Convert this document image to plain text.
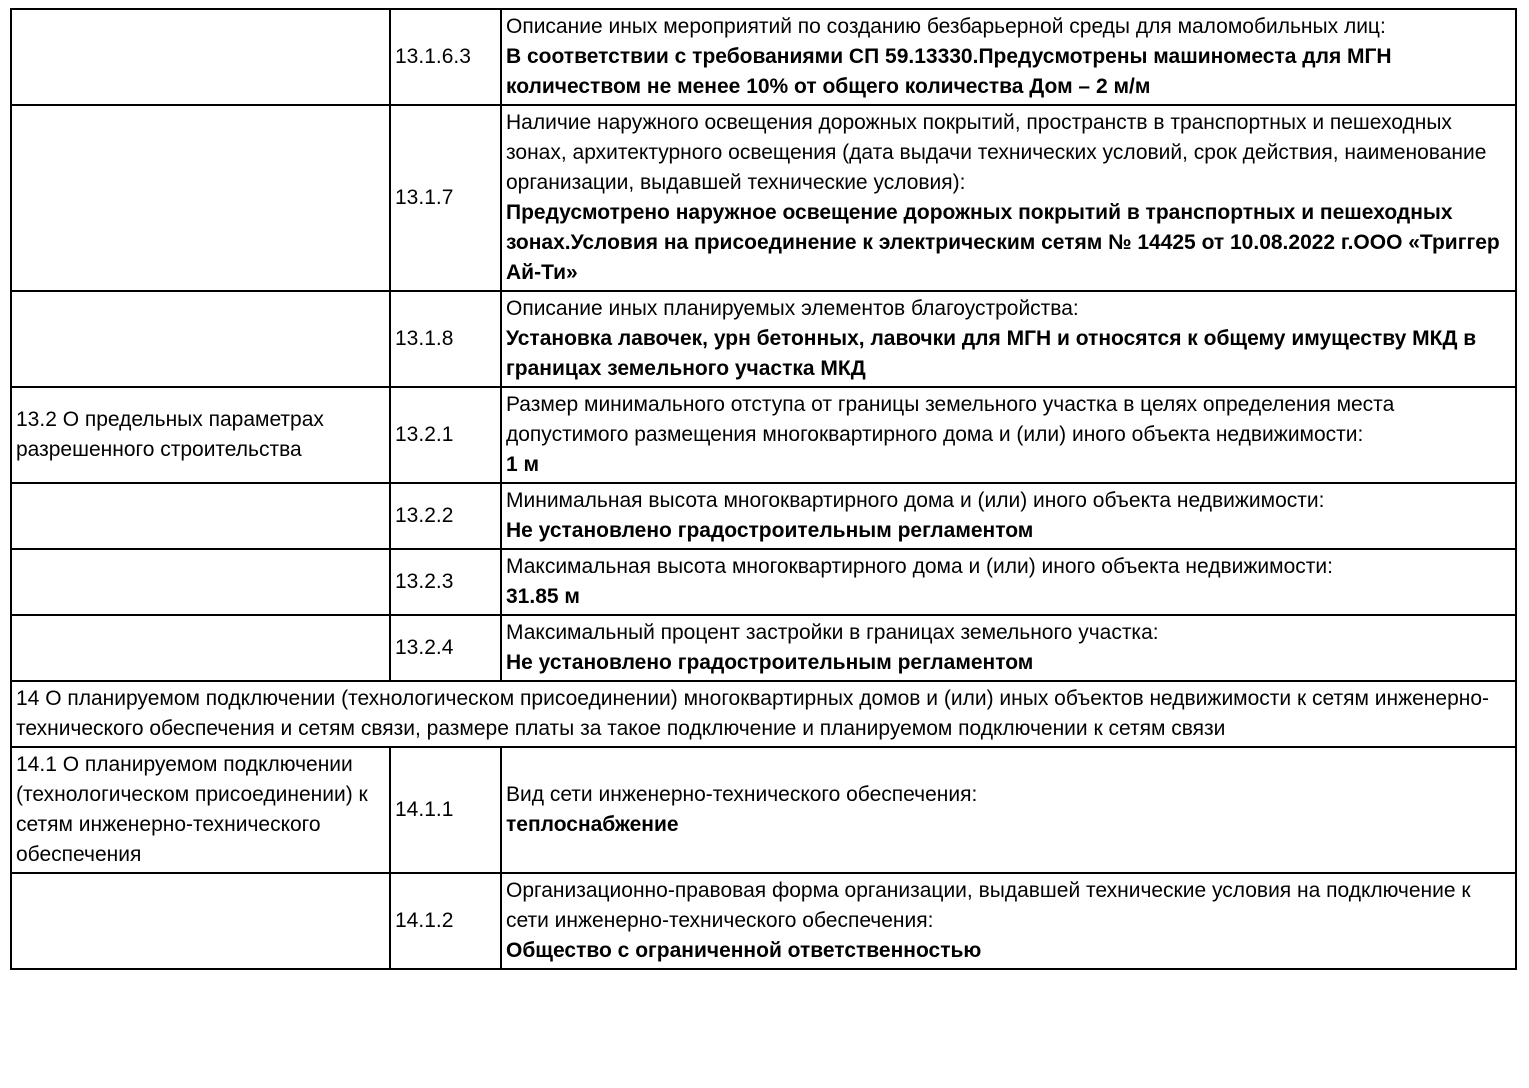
	13.1.6.3	Описание иных мероприятий по созданию безбарьерной среды для маломобильных лиц:
В соответствии с требованиями СП 59.13330.Предусмотрены машиноместа для МГН количеством не менее 10% от общего количества Дом – 2 м/м

	13.1.7	Наличие наружного освещения дорожных покрытий, пространств в транспортных и пешеходных зонах, архитектурного освещения (дата выдачи технических условий, срок действия, наименование организации, выдавшей технические условия):
Предусмотрено наружное освещение дорожных покрытий в транспортных и пешеходных зонах.Условия на присоединение к электрическим сетям № 14425 от 10.08.2022 г.ООО «Триггер Ай-Ти»

	13.1.8	Описание иных планируемых элементов благоустройства:
Установка лавочек, урн бетонных, лавочки для МГН и относятся к общему имуществу МКД в границах земельного участка МКД

13.2 О предельных параметрах разрешенного строительства	13.2.1	Размер минимального отступа от границы земельного участка в целях определения места допустимого размещения многоквартирного дома и (или) иного объекта недвижимости:
1 м

	13.2.2	Минимальная высота многоквартирного дома и (или) иного объекта недвижимости:
Не установлено градостроительным регламентом

	13.2.3	Максимальная высота многоквартирного дома и (или) иного объекта недвижимости:
31.85 м

	13.2.4	Максимальный процент застройки в границах земельного участка:
Не установлено градостроительным регламентом

14 О планируемом подключении (технологическом присоединении) многоквартирных домов и (или) иных объектов недвижимости к сетям инженерно-технического обеспечения и сетям связи, размере платы за такое подключение и планируемом подключении к сетям связи		
14.1 О планируемом подключении (технологическом присоединении) к сетям инженерно-технического обеспечения	14.1.1	Вид сети инженерно-технического обеспечения:
теплоснабжение

	14.1.2	Организационно-правовая форма организации, выдавшей технические условия на подключение к сети инженерно-технического обеспечения:
Общество с ограниченной ответственностью
